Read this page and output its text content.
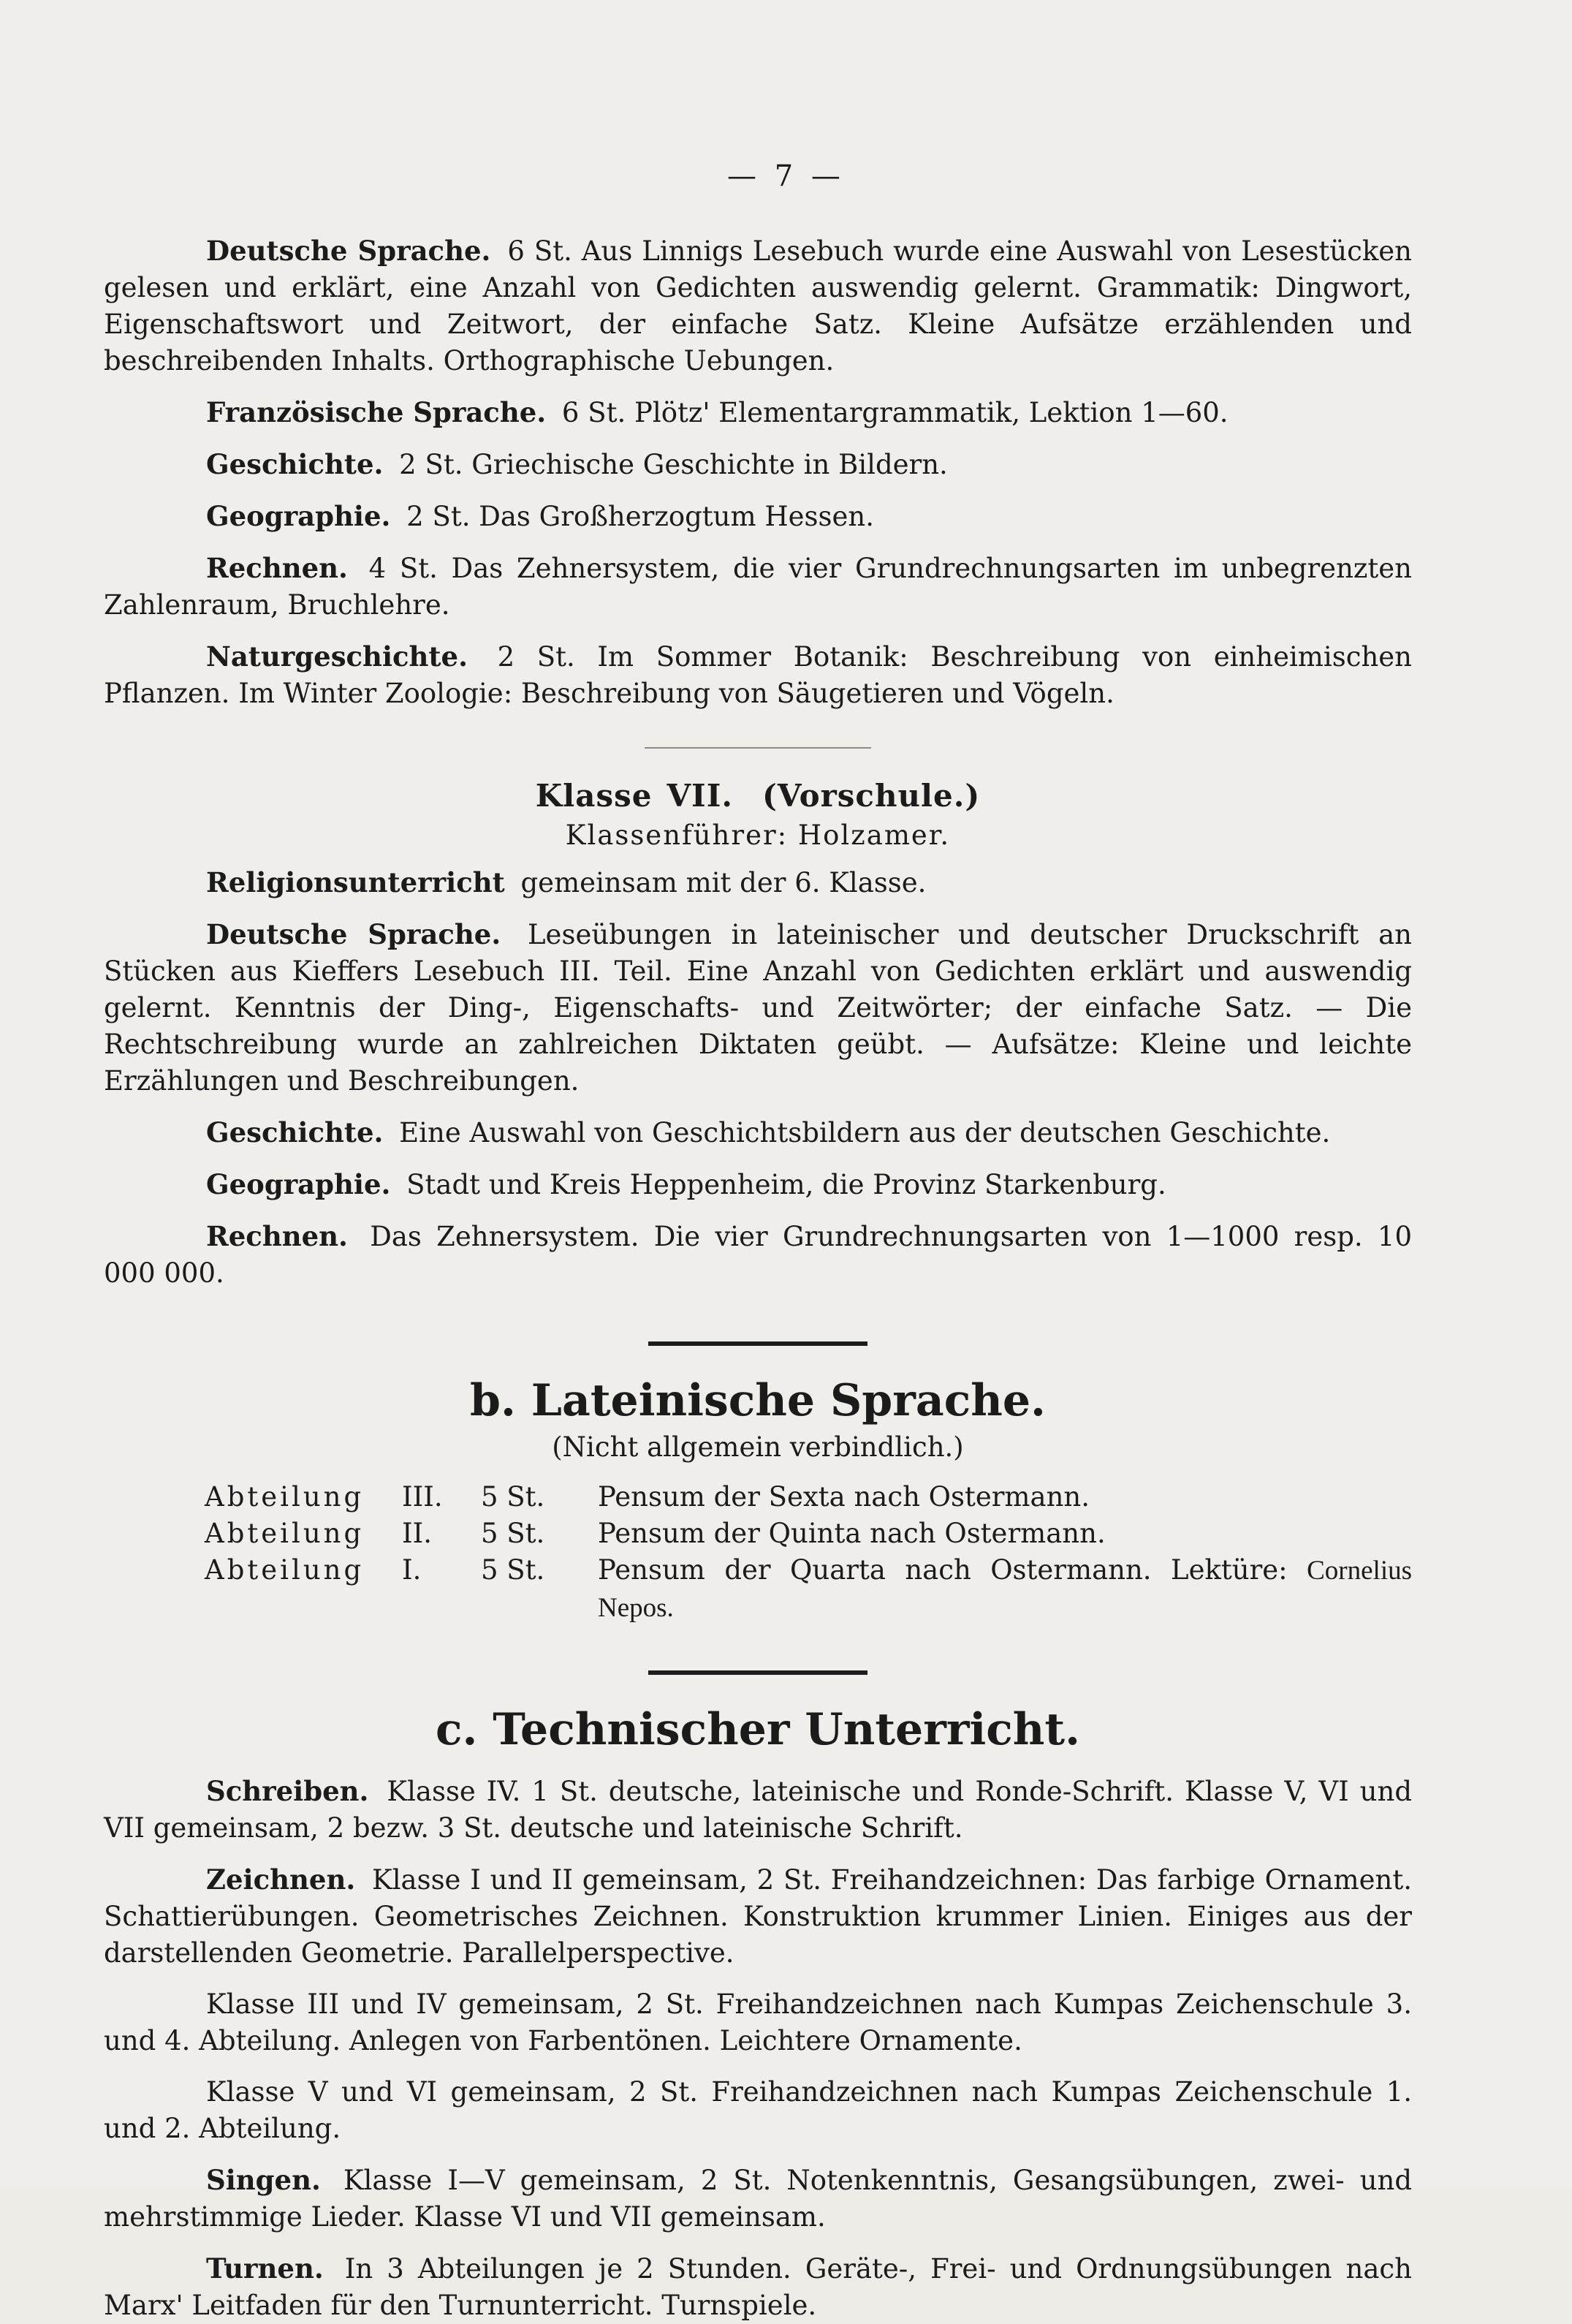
— 7 —

Deutsche Sprache. 6 St. Aus Linnigs Lesebuch wurde eine Auswahl von Lesestücken gelesen und erklärt, eine Anzahl von Gedichten auswendig gelernt. Grammatik: Dingwort, Eigenschaftswort und Zeitwort, der einfache Satz. Kleine Aufsätze erzählenden und beschreibenden Inhalts. Orthographische Uebungen.

Französische Sprache. 6 St. Plötz' Elementargrammatik, Lektion 1—60.

Geschichte. 2 St. Griechische Geschichte in Bildern.

Geographie. 2 St. Das Großherzogtum Hessen.

Rechnen. 4 St. Das Zehnersystem, die vier Grundrechnungsarten im unbegrenzten Zahlenraum, Bruchlehre.

Naturgeschichte. 2 St. Im Sommer Botanik: Beschreibung von einheimischen Pflanzen. Im Winter Zoologie: Beschreibung von Säugetieren und Vögeln.

Klasse VII. (Vorschule.)
Klassenführer: Holzamer.

Religionsunterricht gemeinsam mit der 6. Klasse.

Deutsche Sprache. Leseübungen in lateinischer und deutscher Druckschrift an Stücken aus Kieffers Lesebuch III. Teil. Eine Anzahl von Gedichten erklärt und auswendig gelernt. Kenntnis der Ding-, Eigenschafts- und Zeitwörter; der einfache Satz. — Die Rechtschreibung wurde an zahlreichen Diktaten geübt. — Aufsätze: Kleine und leichte Erzählungen und Beschreibungen.

Geschichte. Eine Auswahl von Geschichtsbildern aus der deutschen Geschichte.

Geographie. Stadt und Kreis Heppenheim, die Provinz Starkenburg.

Rechnen. Das Zehnersystem. Die vier Grundrechnungsarten von 1—1000 resp. 10 000 000.

b. Lateinische Sprache.
(Nicht allgemein verbindlich.)
Abteilung	III.	5 St.	Pensum der Sexta nach Ostermann.
Abteilung	II.	5 St.	Pensum der Quinta nach Ostermann.
Abteilung	I.	5 St.	Pensum der Quarta nach Ostermann. Lektüre: Cornelius Nepos.
c. Technischer Unterricht.

Schreiben. Klasse IV. 1 St. deutsche, lateinische und Ronde-Schrift. Klasse V, VI und VII gemeinsam, 2 bezw. 3 St. deutsche und lateinische Schrift.

Zeichnen. Klasse I und II gemeinsam, 2 St. Freihandzeichnen: Das farbige Ornament. Schattierübungen. Geometrisches Zeichnen. Konstruktion krummer Linien. Einiges aus der darstellenden Geometrie. Parallelperspective.

Klasse III und IV gemeinsam, 2 St. Freihandzeichnen nach Kumpas Zeichenschule 3. und 4. Abteilung. Anlegen von Farbentönen. Leichtere Ornamente.

Klasse V und VI gemeinsam, 2 St. Freihandzeichnen nach Kumpas Zeichenschule 1. und 2. Abteilung.

Singen. Klasse I—V gemeinsam, 2 St. Notenkenntnis, Gesangsübungen, zwei- und mehrstimmige Lieder. Klasse VI und VII gemeinsam.

Turnen. In 3 Abteilungen je 2 Stunden. Geräte-, Frei- und Ordnungsübungen nach Marx' Leitfaden für den Turnunterricht. Turnspiele.
